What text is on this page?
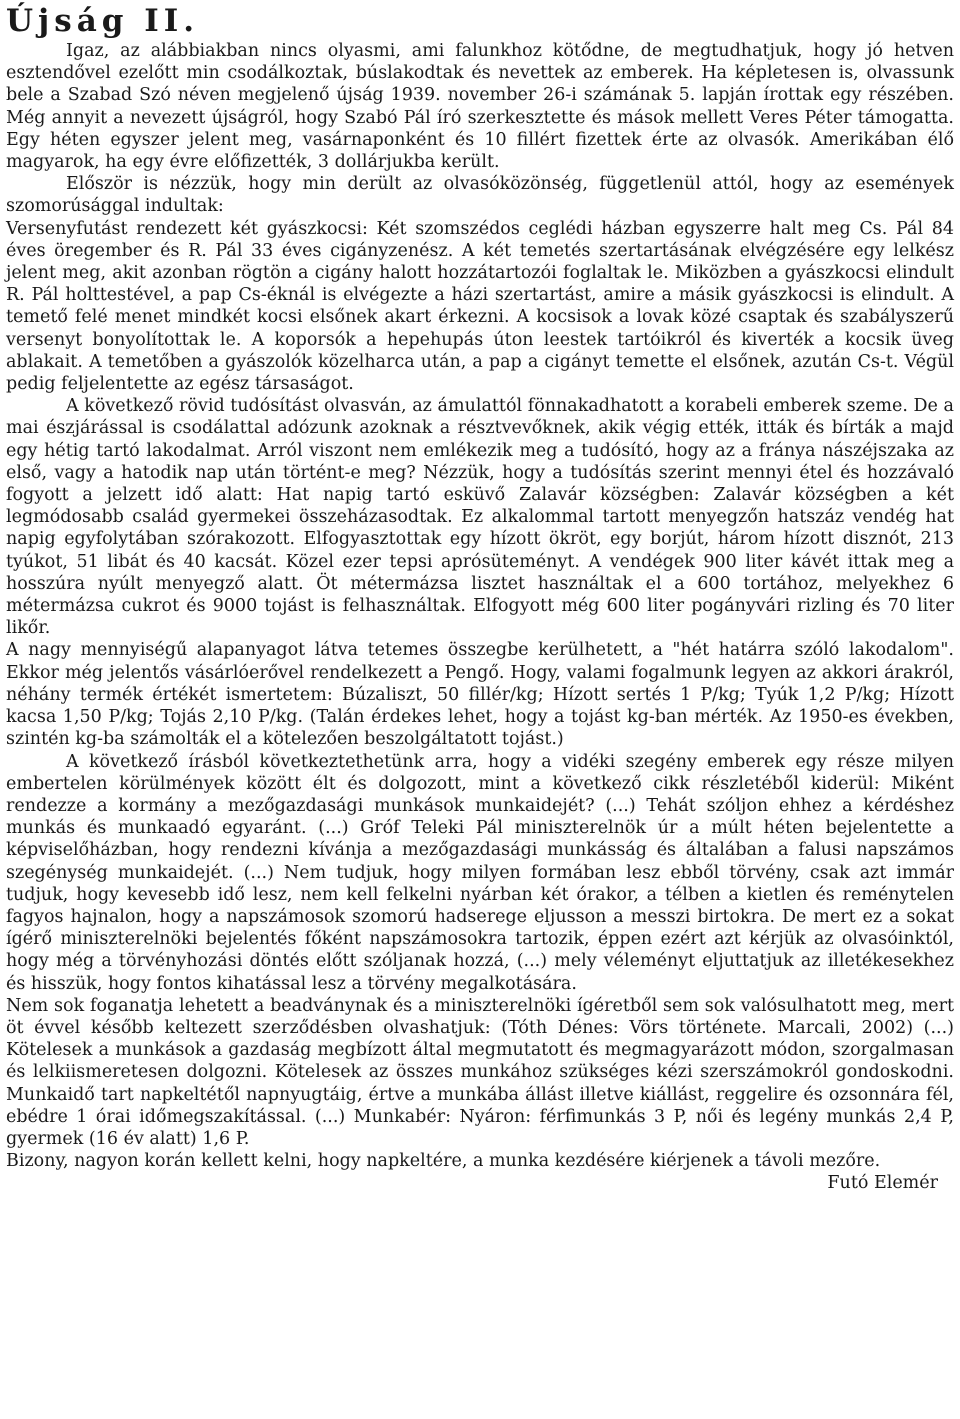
Újság II.

Igaz, az alábbiakban nincs olyasmi, ami falunkhoz kötődne, de megtudhatjuk, hogy jó hetven esztendővel ezelőtt min csodálkoztak, búslakodtak és nevettek az emberek. Ha képletesen is, olvassunk bele a Szabad Szó néven megjelenő újság 1939. november 26-i számának 5. lapján írottak egy részében. Még annyit a nevezett újságról, hogy Szabó Pál író szerkesztette és mások mellett Veres Péter támogatta. Egy héten egyszer jelent meg, vasárnaponként és 10 fillért fizettek érte az olvasók. Amerikában élő magyarok, ha egy évre előfizették, 3 dollárjukba került.

Először is nézzük, hogy min derült az olvasóközönség, függetlenül attól, hogy az események szomorúsággal indultak:

Versenyfutást rendezett két gyászkocsi: Két szomszédos ceglédi házban egyszerre halt meg Cs. Pál 84 éves öregember és R. Pál 33 éves cigányzenész. A két temetés szertartásának elvégzésére egy lelkész jelent meg, akit azonban rögtön a cigány halott hozzátartozói foglaltak le. Miközben a gyászkocsi elindult R. Pál holttestével, a pap Cs-éknál is elvégezte a házi szertartást, amire a másik gyászkocsi is elindult. A temető felé menet mindkét kocsi elsőnek akart érkezni. A kocsisok a lovak közé csaptak és szabályszerű versenyt bonyolítottak le. A koporsók a hepehupás úton leestek tartóikról és kiverték a kocsik üveg ablakait. A temetőben a gyászolók közelharca után, a pap a cigányt temette el elsőnek, azután Cs-t. Végül pedig feljelentette az egész társaságot.

A következő rövid tudósítást olvasván, az ámulattól fönnakadhatott a korabeli emberek szeme. De a mai észjárással is csodálattal adózunk azoknak a résztvevőknek, akik végig ették, itták és bírták a majd egy hétig tartó lakodalmat. Arról viszont nem emlékezik meg a tudósító, hogy az a fránya nászéjszaka az első, vagy a hatodik nap után történt-e meg? Nézzük, hogy a tudósítás szerint mennyi étel és hozzávaló fogyott a jelzett idő alatt: Hat napig tartó esküvő Zalavár községben: Zalavár községben a két legmódosabb család gyermekei összeházasodtak. Ez alkalommal tartott menyegzőn hatszáz vendég hat napig egyfolytában szórakozott. Elfogyasztottak egy hízott ökröt, egy borjút, három hízott disznót, 213 tyúkot, 51 libát és 40 kacsát. Közel ezer tepsi aprósüteményt. A vendégek 900 liter kávét ittak meg a hosszúra nyúlt menyegző alatt. Öt métermázsa lisztet használtak el a 600 tortához, melyekhez 6 métermázsa cukrot és 9000 tojást is felhasználtak. Elfogyott még 600 liter pogányvári rizling és 70 liter likőr.

A nagy mennyiségű alapanyagot látva tetemes összegbe kerülhetett, a "hét határra szóló lakodalom". Ekkor még jelentős vásárlóerővel rendelkezett a Pengő. Hogy, valami fogalmunk legyen az akkori árakról, néhány termék értékét ismertetem: Búzaliszt, 50 fillér/kg; Hízott sertés 1 P/kg; Tyúk 1,2 P/kg; Hízott kacsa 1,50 P/kg; Tojás 2,10 P/kg. (Talán érdekes lehet, hogy a tojást kg-ban mérték. Az 1950-es években, szintén kg-ba számolták el a kötelezően beszolgáltatott tojást.)

A következő írásból következtethetünk arra, hogy a vidéki szegény emberek egy része milyen embertelen körülmények között élt és dolgozott, mint a következő cikk részletéből kiderül: Miként rendezze a kormány a mezőgazdasági munkások munkaidejét? (...) Tehát szóljon ehhez a kérdéshez munkás és munkaadó egyaránt. (...) Gróf Teleki Pál miniszterelnök úr a múlt héten bejelentette a képviselőházban, hogy rendezni kívánja a mezőgazdasági munkásság és általában a falusi napszámos szegénység munkaidejét. (...) Nem tudjuk, hogy milyen formában lesz ebből törvény, csak azt immár tudjuk, hogy kevesebb idő lesz, nem kell felkelni nyárban két órakor, a télben a kietlen és reménytelen fagyos hajnalon, hogy a napszámosok szomorú hadserege eljusson a messzi birtokra. De mert ez a sokat ígérő miniszterelnöki bejelentés főként napszámosokra tartozik, éppen ezért azt kérjük az olvasóinktól, hogy még a törvényhozási döntés előtt szóljanak hozzá, (...) mely véleményt eljuttatjuk az illetékesekhez és hisszük, hogy fontos kihatással lesz a törvény megalkotására.

Nem sok foganatja lehetett a beadványnak és a miniszterelnöki ígéretből sem sok valósulhatott meg, mert öt évvel később keltezett szerződésben olvashatjuk: (Tóth Dénes: Vörs története. Marcali, 2002) (...) Kötelesek a munkások a gazdaság megbízott által megmutatott és megmagyarázott módon, szorgalmasan és lelkiismeretesen dolgozni. Kötelesek az összes munkához szükséges kézi szerszámokról gondoskodni. Munkaidő tart napkeltétől napnyugtáig, értve a munkába állást illetve kiállást, reggelire és ozsonnára fél, ebédre 1 órai időmegszakítással. (...) Munkabér: Nyáron: férfimunkás 3 P, női és legény munkás 2,4 P, gyermek (16 év alatt) 1,6 P.

Bizony, nagyon korán kellett kelni, hogy napkeltére, a munka kezdésére kiérjenek a távoli mezőre.

Futó Elemér
